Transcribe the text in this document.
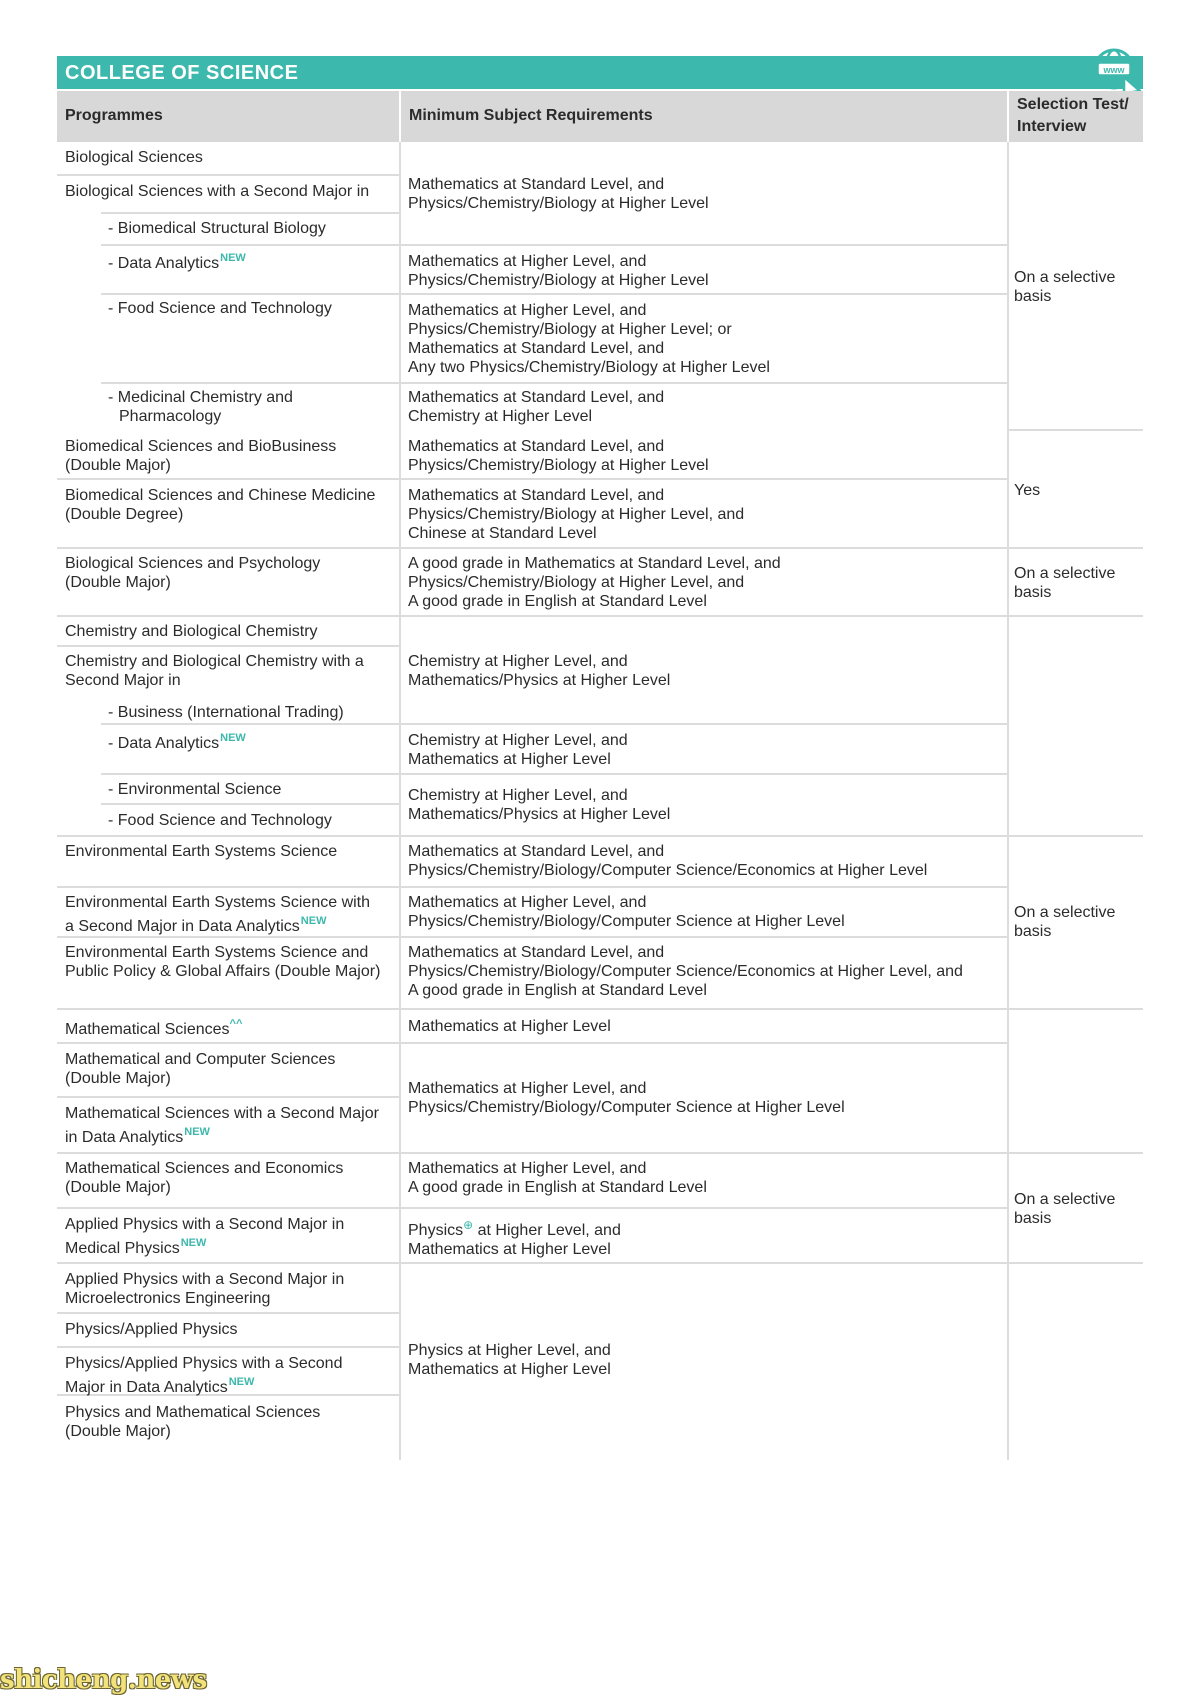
COLLEGE OF SCIENCE	www
Programmes	Minimum Subject Requirements
Selection Test/
Interview
Biological Sciences
Biological Sciences with a Second Major in
- Biomedical Structural Biology
- Data Analytics$^{NEW}$
- Food Science and Technology
- Medicinal Chemistry and
Pharmacology
Biomedical Sciences and BioBusiness
(Double Major)
Biomedical Sciences and Chinese Medicine
(Double Degree)
Biological Sciences and Psychology
(Double Major)
Chemistry and Biological Chemistry
Chemistry and Biological Chemistry with a
Second Major in
- Business (International Trading)
- Data Analytics$^{NEW}$
- Environmental Science
- Food Science and Technology
Environmental Earth Systems Science
Environmental Earth Systems Science with
a Second Major in Data Analytics$^{NEW}$
Environmental Earth Systems Science and
Public Policy & Global Affairs (Double Major)
Mathematical Sciences^^
Mathematical and Computer Sciences
(Double Major)
Mathematical Sciences with a Second Major
in Data Analytics$^{NEW}$
Mathematical Sciences and Economics
(Double Major)
Applied Physics with a Second Major in
Medical Physics$^{NEW}$
Applied Physics with a Second Major in
Microelectronics Engineering
Physics/Applied Physics
Physics/Applied Physics with a Second
Major in Data Analytics$^{NEW}$
Physics and Mathematical Sciences
(Double Major)
Mathematics at Standard Level, and
Physics/Chemistry/Biology at Higher Level
Mathematics at Higher Level, and
Physics/Chemistry/Biology at Higher Level
Mathematics at Higher Level, and
Physics/Chemistry/Biology at Higher Level; or
Mathematics at Standard Level, and
Any two Physics/Chemistry/Biology at Higher Level
Mathematics at Standard Level, and
Chemistry at Higher Level
Mathematics at Standard Level, and
Physics/Chemistry/Biology at Higher Level
Mathematics at Standard Level, and
Physics/Chemistry/Biology at Higher Level, and
Chinese at Standard Level
A good grade in Mathematics at Standard Level, and
Physics/Chemistry/Biology at Higher Level, and
A good grade in English at Standard Level
Chemistry at Higher Level, and
Mathematics/Physics at Higher Level
Chemistry at Higher Level, and
Mathematics at Higher Level
Chemistry at Higher Level, and
Mathematics/Physics at Higher Level
Mathematics at Standard Level, and
Physics/Chemistry/Biology/Computer Science/Economics at Higher Level
Mathematics at Higher Level, and
Physics/Chemistry/Biology/Computer Science at Higher Level
Mathematics at Standard Level, and
Physics/Chemistry/Biology/Computer Science/Economics at Higher Level, and
A good grade in English at Standard Level
Mathematics at Higher Level
Mathematics at Higher Level, and
Physics/Chemistry/Biology/Computer Science at Higher Level
Mathematics at Higher Level, and
A good grade in English at Standard Level
Physics⊕ at Higher Level, and
Mathematics at Higher Level
Physics at Higher Level, and
Mathematics at Higher Level
On a selective
basis
Yes
On a selective
basis
On a selective
basis
On a selective
basis
shicheng.news
